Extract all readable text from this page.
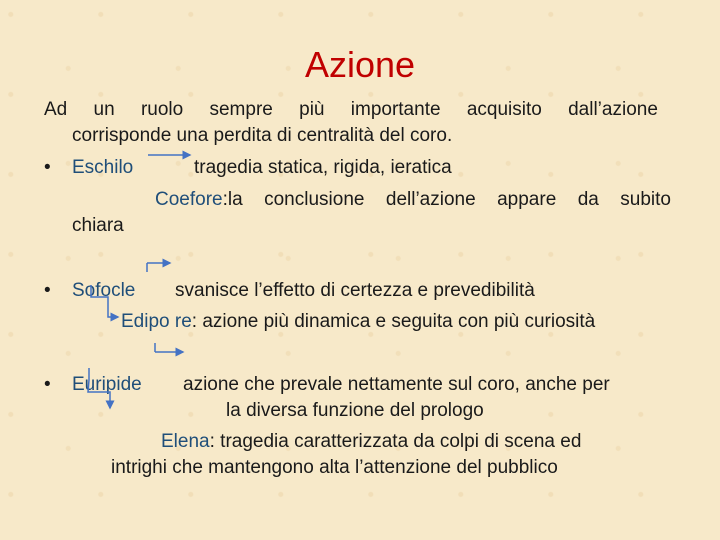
Azione
Ad un ruolo sempre più importante acquisito dall’azione
corrisponde una perdita di centralità del coro.
• Eschilo	tragedia statica, rigida, ieratica
Coefore:la conclusione dell’azione appare da subito
chiara
• Sofocle svanisce l’effetto di certezza e prevedibilità
Edipo re: azione più dinamica e seguita con più curiosità
• Euripide azione che prevale nettamente sul coro, anche per
la diversa funzione del prologo
Elena: tragedia caratterizzata da colpi di scena ed
intrighi che mantengono alta l’attenzione del pubblico
